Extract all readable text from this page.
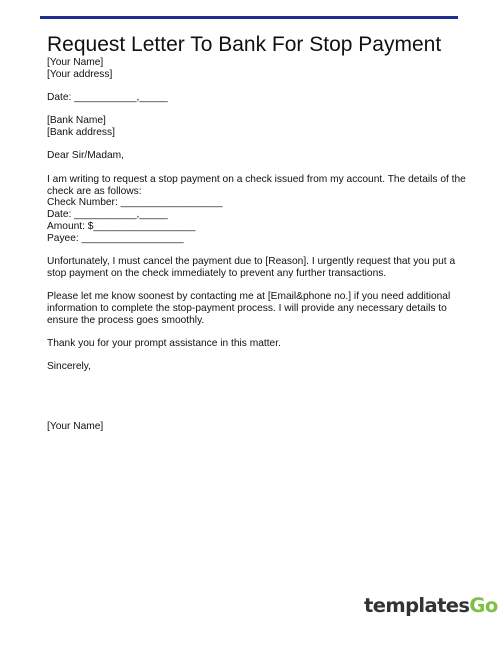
Request Letter To Bank For Stop Payment
[Your Name]
[Your address]
Date: ___________,_____
[Bank Name]
[Bank address]
Dear Sir/Madam,
I am writing to request a stop payment on a check issued from my account. The details of the check are as follows:
Check Number: __________________
Date: ___________,_____
Amount: $__________________
Payee: __________________
Unfortunately, I must cancel the payment due to [Reason]. I urgently request that you put a stop payment on the check immediately to prevent any further transactions.
Please let me know soonest by contacting me at [Email&phone no.] if you need additional information to complete the stop-payment process. I will provide any necessary details to ensure the process goes smoothly.
Thank you for your prompt assistance in this matter.
Sincerely,
[Your Name]
templatesGo
